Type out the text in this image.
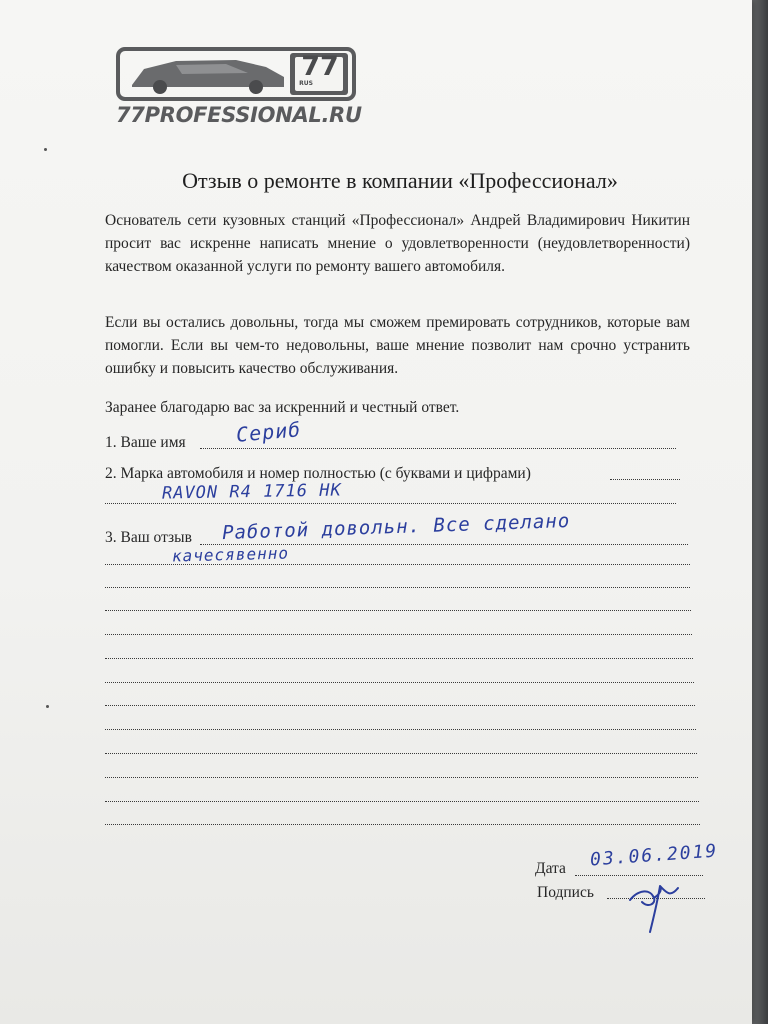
77
RUS
77PROFESSIONAL.RU
Отзыв о ремонте в компании «Профессионал»
Основатель сети кузовных станций «Профессионал» Андрей Владимирович Никитин просит вас искренне написать мнение о удовлетворенности (неудовлетворенности) качеством оказанной услуги по ремонту вашего автомобиля.
Если вы остались довольны, тогда мы сможем премировать сотрудников, которые вам помогли. Если вы чем-то недовольны, ваше мнение позволит нам срочно устранить ошибку и повысить качество обслуживания.
Заранее благодарю вас за искренний и честный ответ.
1. Ваше имя	Сериб
2. Марка автомобиля и номер полностью (с буквами и цифрами)
RAVON R4 1716 HK
3. Ваш отзыв	Работой довольн. Все сделано
качесявенно
Дата	03.06.2019
Подпись
